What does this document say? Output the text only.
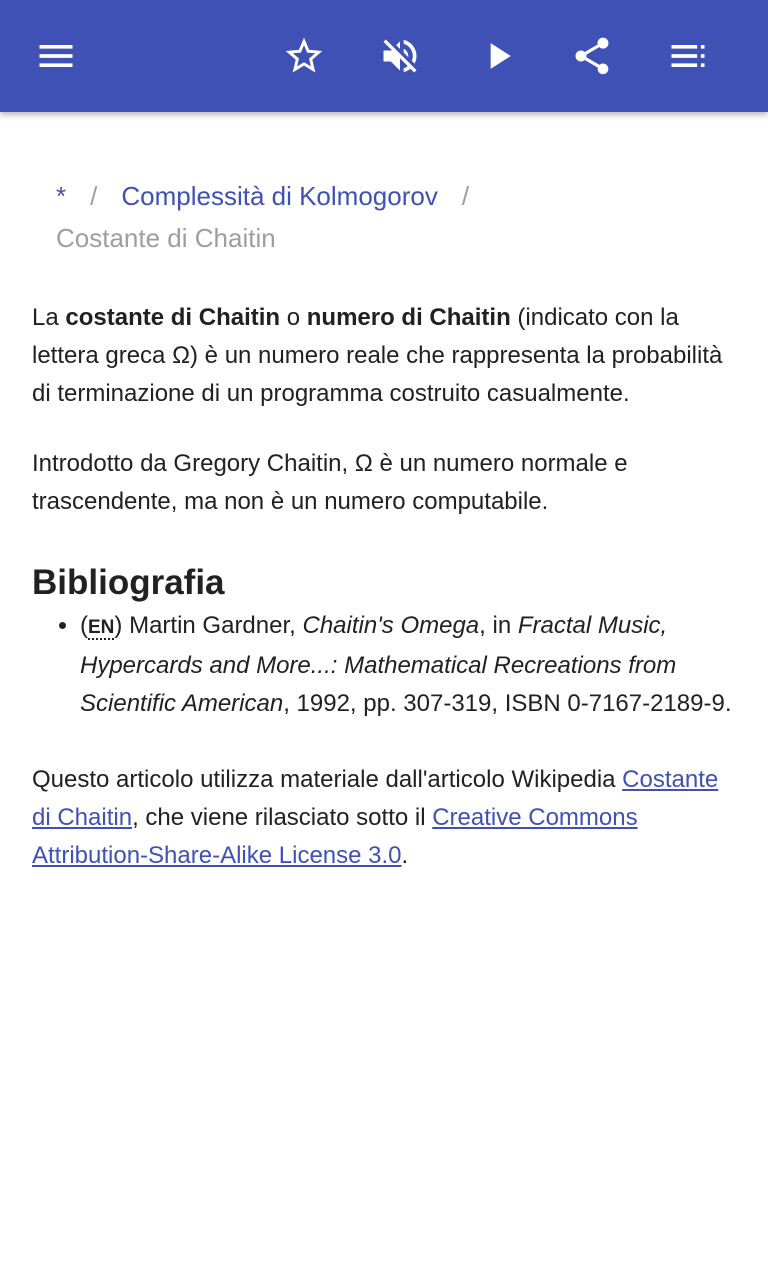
* / Complessità di Kolmogorov /
Costante di Chaitin

La costante di Chaitin o numero di Chaitin (indicato con la lettera greca Ω) è un numero reale che rappresenta la probabilità di terminazione di un programma costruito casualmente.

Introdotto da Gregory Chaitin, Ω è un numero normale e trascendente, ma non è un numero computabile.

Bibliografia
• (EN) Martin Gardner, Chaitin's Omega, in Fractal Music, Hypercards and More...: Mathematical Recreations from Scientific American, 1992, pp. 307-319, ISBN 0-7167-2189-9.

Questo articolo utilizza materiale dall'articolo Wikipedia Costante di Chaitin, che viene rilasciato sotto il Creative Commons Attribution-Share-Alike License 3.0.
